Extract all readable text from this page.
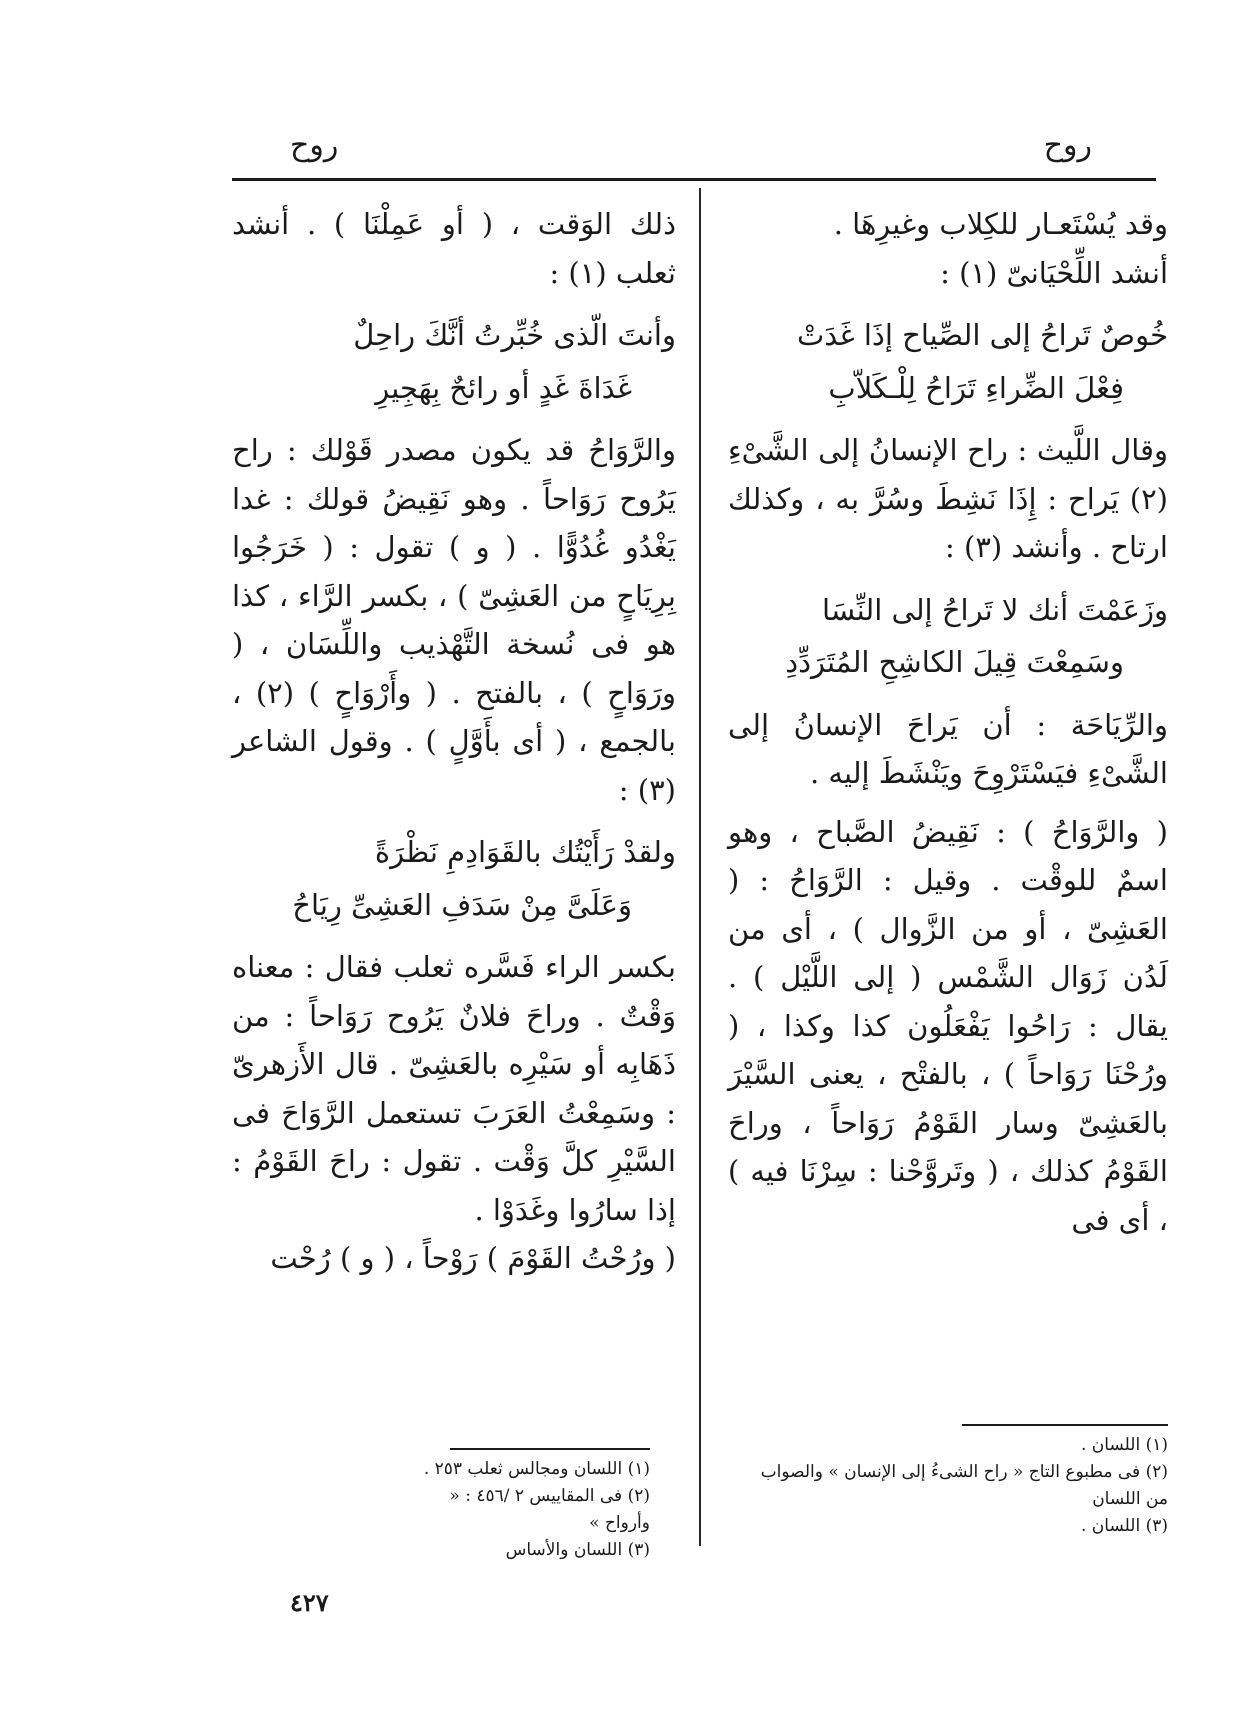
روح
روح

وقد يُسْتَعـار للكِلاب وغيرِهَا .

أنشد اللِّحْيَانىّ (١) :

خُوصٌ تَراحُ إلى الصِّياح إذَا غَدَتْ

فِعْلَ الضِّراءِ تَرَاحُ لِلْـكَلاّبِ

وقال اللَّيث : راح الإنسانُ إلى الشَّىْءِ (٢) يَراح : إِذَا نَشِطَ وسُرَّ به ، وكذلك ارتاح . وأنشد (٣) :

وزَعَمْتَ أنك لا تَراحُ إلى النِّسَا

وسَمِعْتَ قِيلَ الكاشِحِ المُتَرَدِّدِ

والرِّيَاحَة : أن يَراحَ الإنسانُ إلى الشَّىْءِ فيَسْتَرْوِحَ ويَنْشَطَ إليه .

( والرَّوَاحُ ) : نَقِيضُ الصَّباح ، وهو اسمٌ للوقْت . وقيل : الرَّوَاحُ : ( العَشِىّ ، أو من الزَّوال ) ، أى من لَدُن زَوَال الشَّمْس ( إلى اللَّيْل ) . يقال : رَاحُوا يَفْعَلُون كذا وكذا ، ( ورُحْنَا رَوَاحاً ) ، بالفتْح ، يعنى السَّيْرَ بالعَشِىّ وسار القَوْمُ رَوَاحاً ، وراحَ القَوْمُ كذلك ، ( وتَروَّحْنا : سِرْنَا فيه ) ، أى فى

ذلك الوَقت ، ( أو عَمِلْنَا ) . أنشد ثعلب (١) :

وأنتَ الّذى خُبِّرتُ أنَّكَ راحِلٌ

غَدَاةَ غَدٍ أو رائحٌ بِهَجِيرِ

والرَّوَاحُ قد يكون مصدر قَوْلك : راح يَرُوح رَوَاحاً . وهو نَقِيضُ قولك : غدا يَغْدُو غُدُوًّا . ( و ) تقول : ( خَرَجُوا بِرِيَاحٍ من العَشِىّ ) ، بكسر الرَّاء ، كذا هو فى نُسخة التَّهْذيب واللِّسَان ، ( ورَوَاحٍ ) ، بالفتح . ( وأَرْوَاحٍ ) (٢) ، بالجمع ، ( أى بأَوَّلٍ ) . وقول الشاعر (٣) :

ولقدْ رَأَيْتُك بالقَوَادِمِ نَظْرَةً

وَعَلَىَّ مِنْ سَدَفِ العَشِىِّ رِيَاحُ

بكسر الراء فَسَّره ثعلب فقال : معناه وَقْتٌ . وراحَ فلانٌ يَرُوح رَوَاحاً : من ذَهَابِه أو سَيْرِه بالعَشِىّ . قال الأَزهرىّ : وسَمِعْتُ العَرَبَ تستعمل الرَّوَاحَ فى السَّيْرِ كلَّ وَقْت . تقول : راحَ القَوْمُ : إذا سارُوا وغَدَوْا .

( ورُحْتُ القَوْمَ ) رَوْحاً ، ( و ) رُحْت

(١) اللسان .

(٢) فى مطبوع التاج « راح الشىءُ إلى الإنسان » والصواب من اللسان

(٣) اللسان .

(١) اللسان ومجالس ثعلب ٢٥٣ .

(٢) فى المقاييس ٢ /٤٥٦ : « وأرواح »

(٣) اللسان والأساس

٤٢٧
